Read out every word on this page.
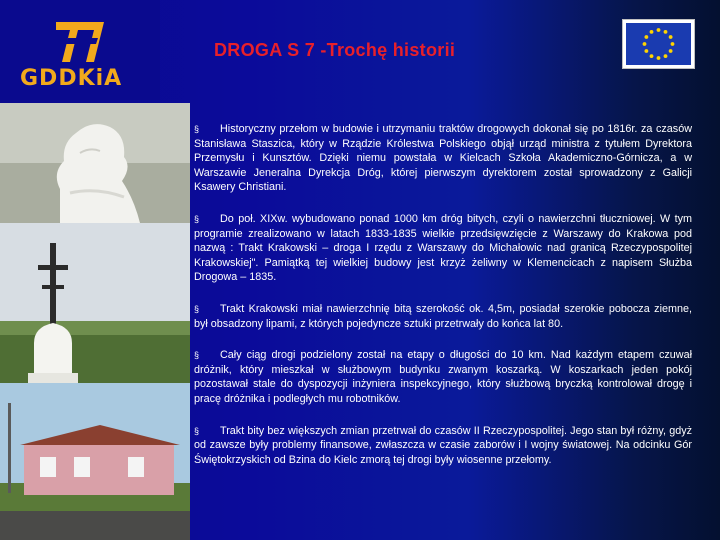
GDDKiA
DROGA S 7 -Trochę historii

§ Historyczny przełom w budowie i utrzymaniu traktów drogowych dokonał się po 1816r. za czasów Stanisława Staszica, który w Rządzie Królestwa Polskiego objął urząd ministra z tytułem Dyrektora Przemysłu i Kunsztów. Dzięki niemu powstała w Kielcach Szkoła Akademiczno-Górnicza, a w Warszawie Jeneralna Dyrekcja Dróg, której pierwszym dyrektorem został sprowadzony z Galicji Ksawery Christiani.

§ Do poł. XIXw. wybudowano ponad 1000 km dróg bitych, czyli o nawierzchni tłuczniowej. W tym programie zrealizowano w latach 1833-1835 wielkie przedsięwzięcie z Warszawy do Krakowa pod nazwą : Trakt Krakowski – droga I rzędu z Warszawy do Michałowic nad granicą Rzeczypospolitej Krakowskiej". Pamiątką tej wielkiej budowy jest krzyż żeliwny w Klemencicach z napisem Służba Drogowa – 1835.

§ Trakt Krakowski miał nawierzchnię bitą szerokość ok. 4,5m, posiadał szerokie pobocza ziemne, był obsadzony lipami, z których pojedyncze sztuki przetrwały do końca lat 80.

§ Cały ciąg drogi podzielony został na etapy o długości do 10 km. Nad każdym etapem czuwał dróżnik, który mieszkał w służbowym budynku zwanym koszarką. W koszarkach jeden pokój pozostawał stale do dyspozycji inżyniera inspekcyjnego, który służbową bryczką kontrolował drogę i pracę dróżnika i podległych mu robotników.

§ Trakt bity bez większych zmian przetrwał do czasów II Rzeczypospolitej. Jego stan był różny, gdyż od zawsze były problemy finansowe, zwłaszcza w czasie zaborów i I wojny światowej. Na odcinku Gór Świętokrzyskich od Bzina do Kielc zmorą tej drogi były wiosenne przełomy.
